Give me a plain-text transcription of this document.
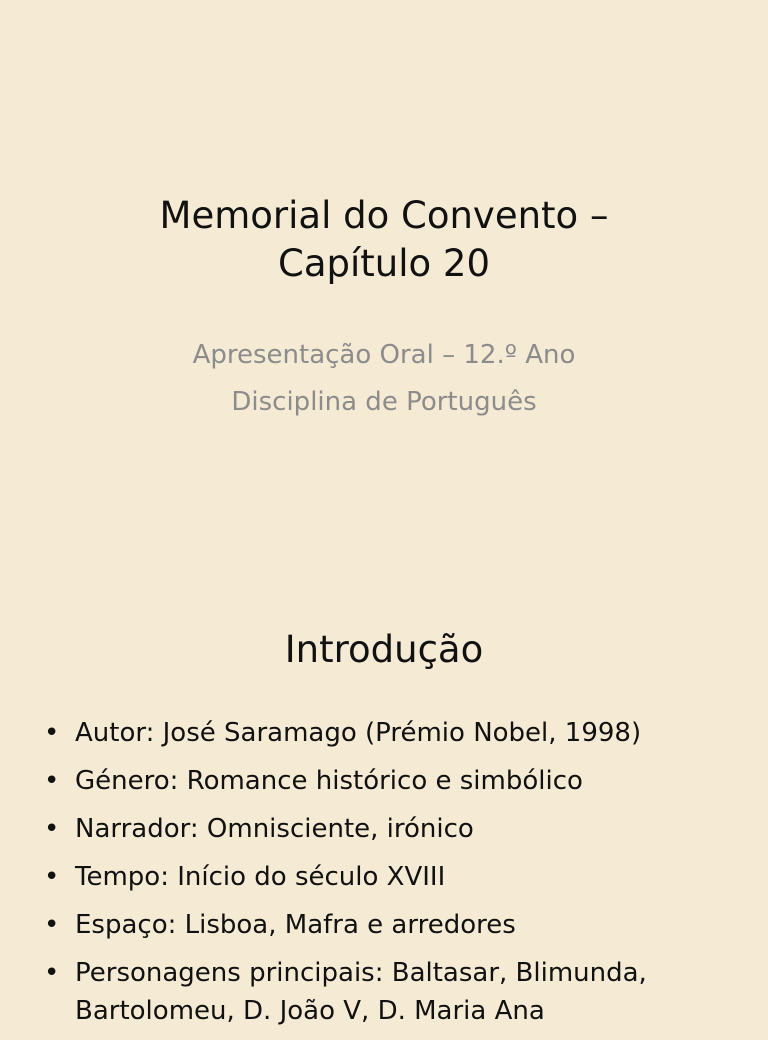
Memorial do Convento –
Capítulo 20

Apresentação Oral – 12.º Ano
Disciplina de Português

Introdução
• Autor: José Saramago (Prémio Nobel, 1998)
• Género: Romance histórico e simbólico
• Narrador: Omnisciente, irónico
• Tempo: Início do século XVIII
• Espaço: Lisboa, Mafra e arredores
• Personagens principais: Baltasar, Blimunda, Bartolomeu, D. João V, D. Maria Ana
